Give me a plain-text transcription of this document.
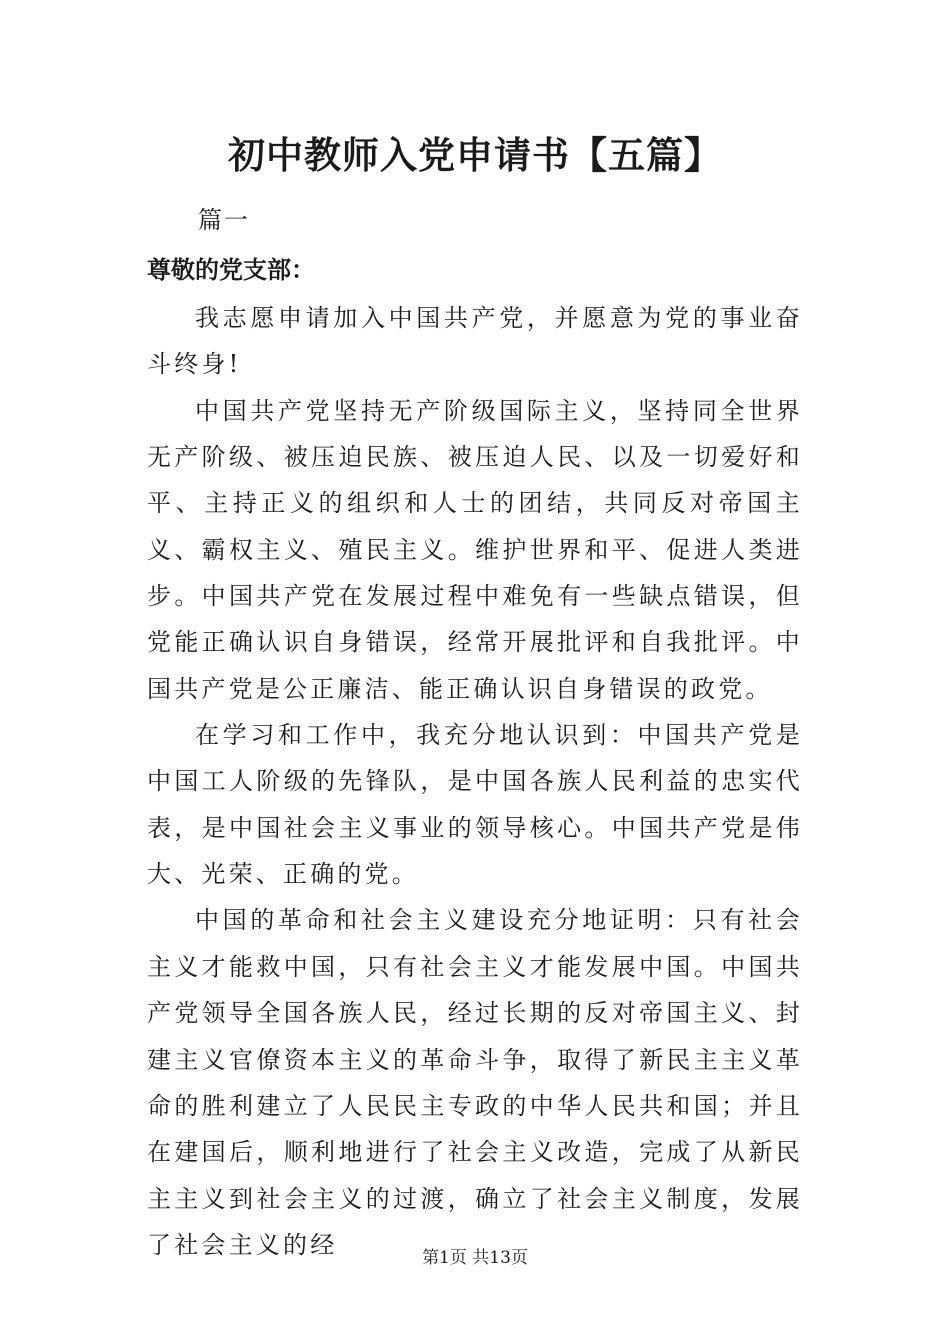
初中教师入党申请书【五篇】
篇一
尊敬的党支部：

我志愿申请加入中国共产党，并愿意为党的事业奋斗终身!

中国共产党坚持无产阶级国际主义，坚持同全世界无产阶级、被压迫民族、被压迫人民、以及一切爱好和平、主持正义的组织和人士的团结，共同反对帝国主义、霸权主义、殖民主义。维护世界和平、促进人类进步。中国共产党在发展过程中难免有一些缺点错误，但党能正确认识自身错误，经常开展批评和自我批评。中国共产党是公正廉洁、能正确认识自身错误的政党。

在学习和工作中，我充分地认识到：中国共产党是中国工人阶级的先锋队，是中国各族人民利益的忠实代表，是中国社会主义事业的领导核心。中国共产党是伟大、光荣、正确的党。

中国的革命和社会主义建设充分地证明：只有社会主义才能救中国，只有社会主义才能发展中国。中国共产党领导全国各族人民，经过长期的反对帝国主义、封建主义官僚资本主义的革命斗争，取得了新民主主义革命的胜利建立了人民民主专政的中华人民共和国；并且在建国后，顺利地进行了社会主义改造，完成了从新民主主义到社会主义的过渡，确立了社会主义制度，发展了社会主义的经	第1页 共13页
